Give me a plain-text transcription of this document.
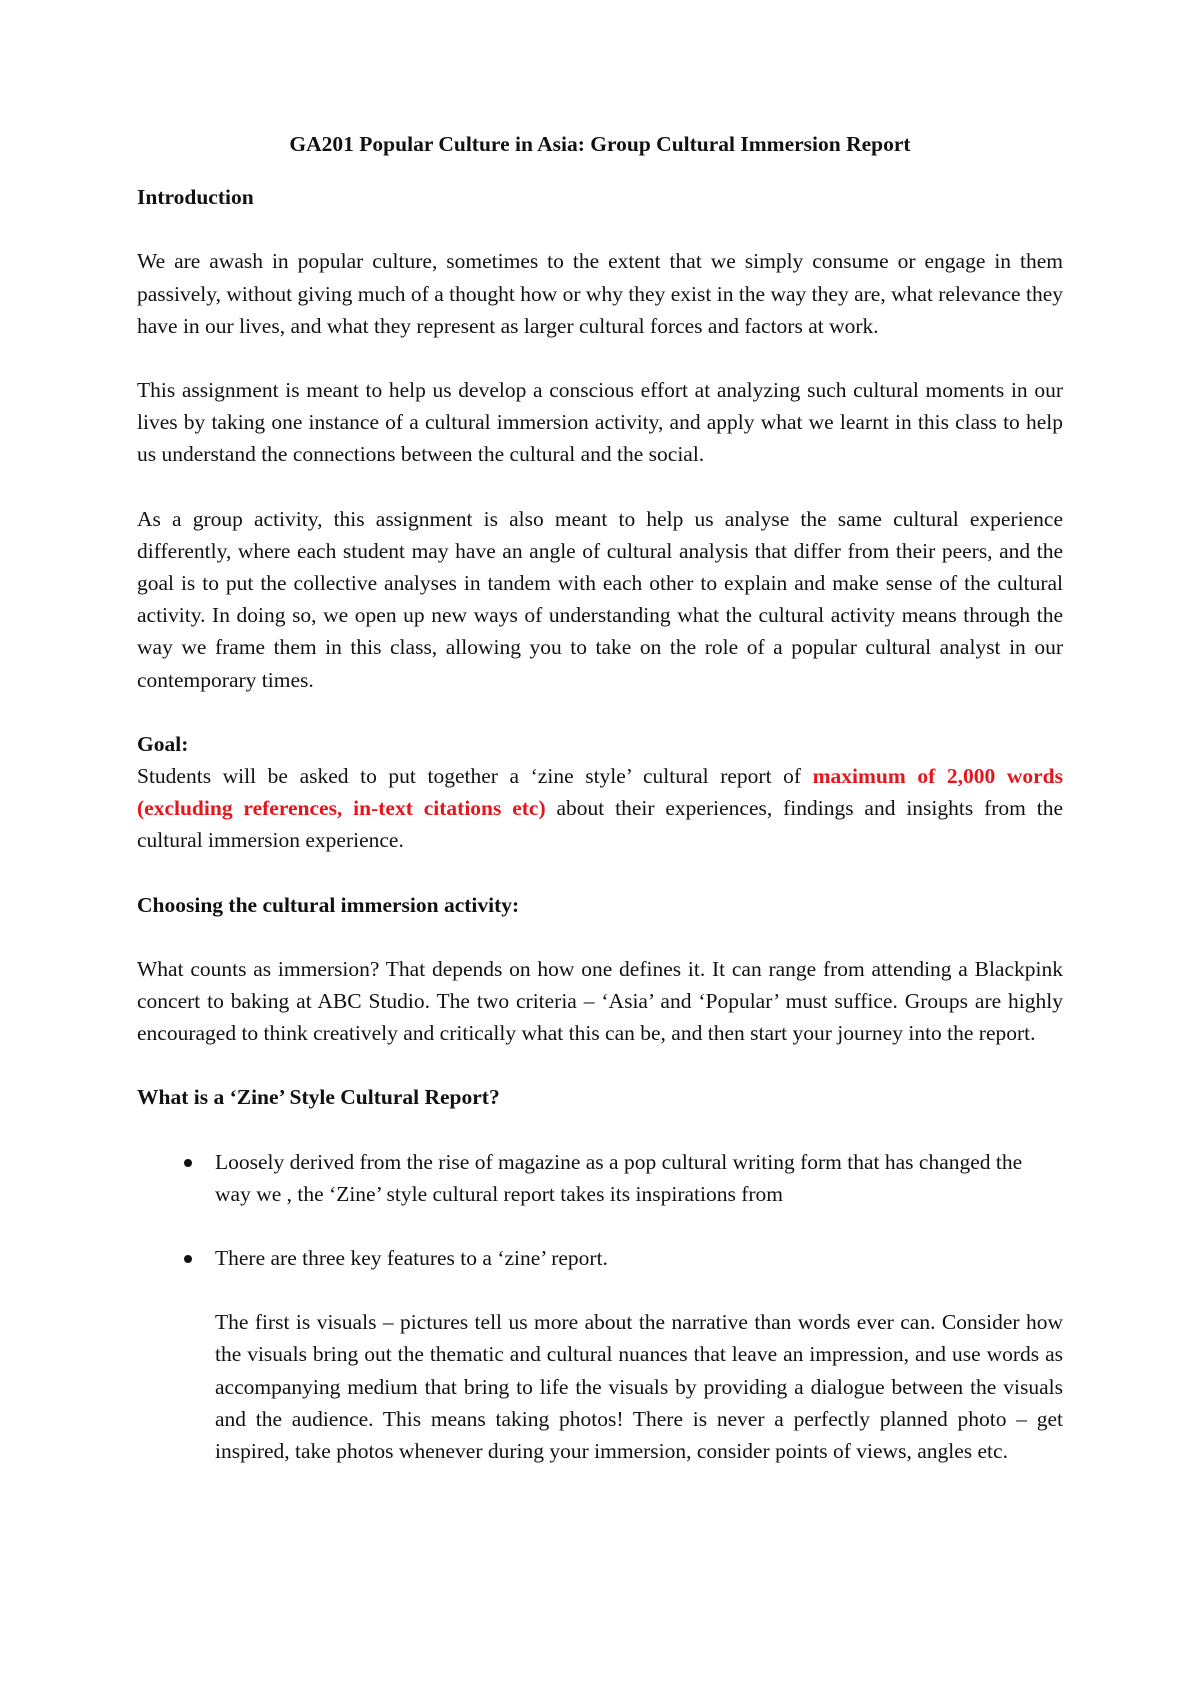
GA201 Popular Culture in Asia: Group Cultural Immersion Report
Introduction

We are awash in popular culture, sometimes to the extent that we simply consume or engage in them passively, without giving much of a thought how or why they exist in the way they are, what relevance they have in our lives, and what they represent as larger cultural forces and factors at work.

This assignment is meant to help us develop a conscious effort at analyzing such cultural moments in our lives by taking one instance of a cultural immersion activity, and apply what we learnt in this class to help us understand the connections between the cultural and the social.

As a group activity, this assignment is also meant to help us analyse the same cultural experience differently, where each student may have an angle of cultural analysis that differ from their peers, and the goal is to put the collective analyses in tandem with each other to explain and make sense of the cultural activity. In doing so, we open up new ways of understanding what the cultural activity means through the way we frame them in this class, allowing you to take on the role of a popular cultural analyst in our contemporary times.

Goal:

Students will be asked to put together a ‘zine style’ cultural report of maximum of 2,000 words (excluding references, in-text citations etc) about their experiences, findings and insights from the cultural immersion experience.

Choosing the cultural immersion activity:

What counts as immersion? That depends on how one defines it. It can range from attending a Blackpink concert to baking at ABC Studio. The two criteria – ‘Asia’ and ‘Popular’ must suffice. Groups are highly encouraged to think creatively and critically what this can be, and then start your journey into the report.

What is a ‘Zine’ Style Cultural Report?
Loosely derived from the rise of magazine as a pop cultural writing form that has changed the way we , the ‘Zine’ style cultural report takes its inspirations from
There are three key features to a ‘zine’ report.

The first is visuals – pictures tell us more about the narrative than words ever can. Consider how the visuals bring out the thematic and cultural nuances that leave an impression, and use words as accompanying medium that bring to life the visuals by providing a dialogue between the visuals and the audience. This means taking photos! There is never a perfectly planned photo – get inspired, take photos whenever during your immersion, consider points of views, angles etc.
